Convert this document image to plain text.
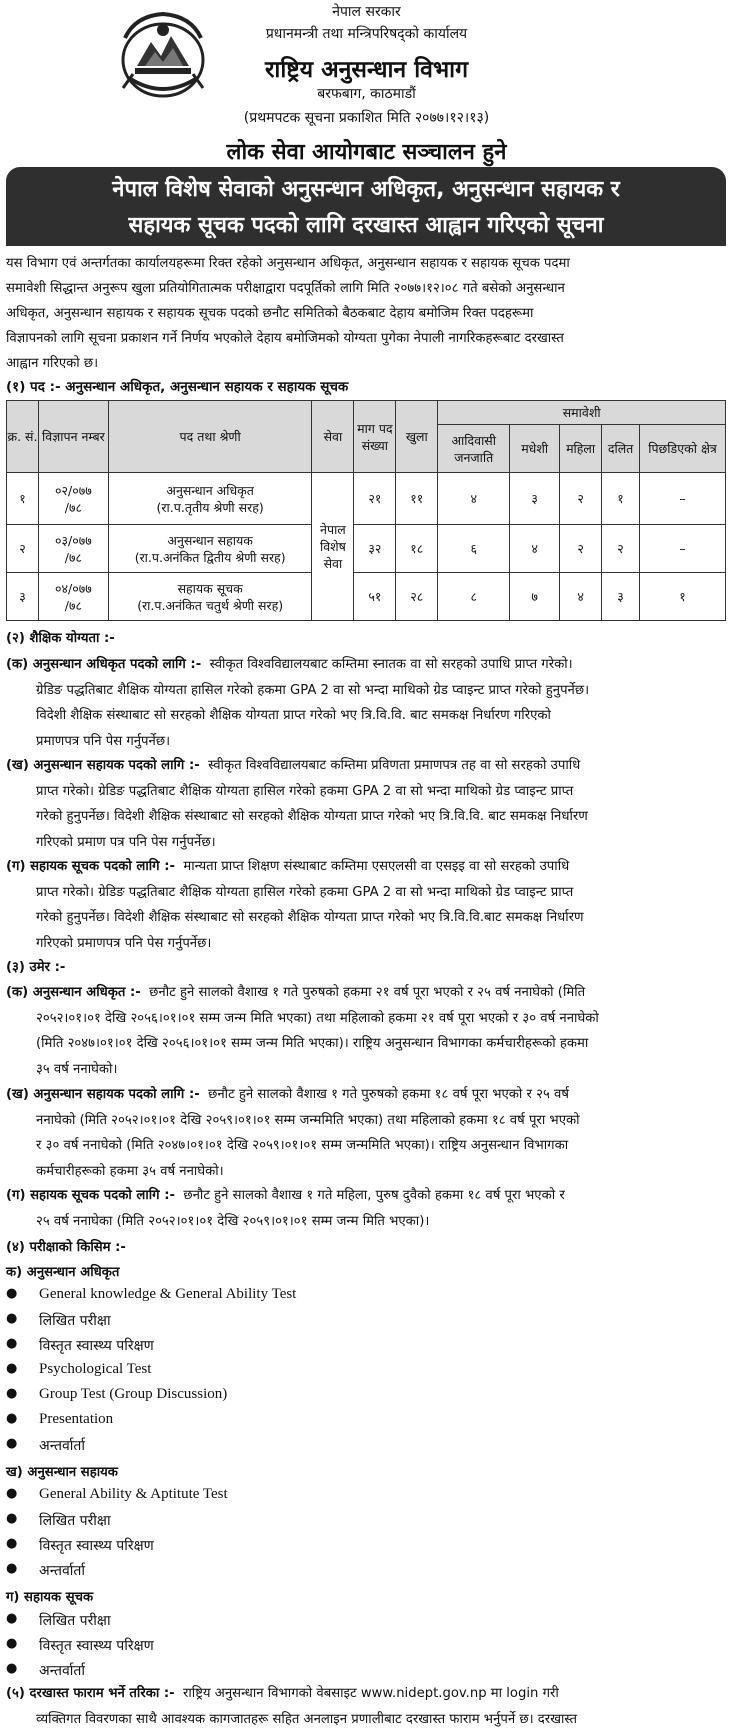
नेपाल सरकार
प्रधानमन्त्री तथा मन्त्रिपरिषद्को कार्यालय
राष्ट्रिय अनुसन्धान विभाग
बरफबाग, काठमाडौं
(प्रथमपटक सूचना प्रकाशित मिति २०७७।१२।१३)
लोक सेवा आयोगबाट सञ्चालन हुने
नेपाल विशेष सेवाको अनुसन्धान अधिकृत, अनुसन्धान सहायक र
सहायक सूचक पदको लागि दरखास्त आह्वान गरिएको सूचना
यस विभाग एवं अन्तर्गतका कार्यालयहरूमा रिक्त रहेको अनुसन्धान अधिकृत, अनुसन्धान सहायक र सहायक सूचक पदमा
समावेशी सिद्धान्त अनुरूप खुला प्रतियोगितात्मक परीक्षाद्वारा पदपूर्तिको लागि मिति २०७७।१२।०८ गते बसेको अनुसन्धान
अधिकृत, अनुसन्धान सहायक र सहायक सूचक पदको छनौट समितिको बैठकबाट देहाय बमोजिम रिक्त पदहरूमा
विज्ञापनको लागि सूचना प्रकाशन गर्ने निर्णय भएकोले देहाय बमोजिमको योग्यता पुगेका नेपाली नागरिकहरूबाट दरखास्त
आह्वान गरिएको छ।
(१) पद :- अनुसन्धान अधिकृत, अनुसन्धान सहायक र सहायक सूचक
क्र. सं.	विज्ञापन नम्बर	पद तथा श्रेणी	सेवा	माग पद संख्या	खुला	समावेशी				
						आदिवासी जनजाति	मधेशी	महिला	दलित	पिछडिएको क्षेत्र
१	०२/०७७
/७८	अनुसन्धान अधिकृत
(रा.प.तृतीय श्रेणी सरह)	नेपाल विशेष सेवा	२१	११	४	३	२	१	–
२	०३/०७७
/७८	अनुसन्धान सहायक
(रा.प.अनंकित द्वितीय श्रेणी सरह)		३२	१८	६	४	२	२	–
३	०४/०७७
/७८	सहायक सूचक
(रा.प.अनंकित चतुर्थ श्रेणी सरह)		५१	२८	८	७	४	३	१
(२) शैक्षिक योग्यता :-
(क) अनुसन्धान अधिकृत पदको लागि :- स्वीकृत विश्वविद्यालयबाट कम्तिमा स्नातक वा सो सरहको उपाधि प्राप्त गरेको।
ग्रेडिङ पद्धतिबाट शैक्षिक योग्यता हासिल गरेको हकमा GPA 2 वा सो भन्दा माथिको ग्रेड प्वाइन्ट प्राप्त गरेको हुनुपर्नेछ।
विदेशी शैक्षिक संस्थाबाट सो सरहको शैक्षिक योग्यता प्राप्त गरेको भए त्रि.वि.वि. बाट समकक्ष निर्धारण गरिएको
प्रमाणपत्र पनि पेस गर्नुपर्नेछ।
(ख) अनुसन्धान सहायक पदको लागि :- स्वीकृत विश्वविद्यालयबाट कम्तिमा प्रविणता प्रमाणपत्र तह वा सो सरहको उपाधि
प्राप्त गरेको। ग्रेडिङ पद्धतिबाट शैक्षिक योग्यता हासिल गरेको हकमा GPA 2 वा सो भन्दा माथिको ग्रेड प्वाइन्ट प्राप्त
गरेको हुनुपर्नेछ। विदेशी शैक्षिक संस्थाबाट सो सरहको शैक्षिक योग्यता प्राप्त गरेको भए त्रि.वि.वि. बाट समकक्ष निर्धारण
गरिएको प्रमाण पत्र पनि पेस गर्नुपर्नेछ।
(ग) सहायक सूचक पदको लागि :- मान्यता प्राप्त शिक्षण संस्थाबाट कम्तिमा एसएलसी वा एसइइ वा सो सरहको उपाधि
प्राप्त गरेको। ग्रेडिङ पद्धतिबाट शैक्षिक योग्यता हासिल गरेको हकमा GPA 2 वा सो भन्दा माथिको ग्रेड प्वाइन्ट प्राप्त
गरेको हुनुपर्नेछ। विदेशी शैक्षिक संस्थाबाट सो सरहको शैक्षिक योग्यता प्राप्त गरेको भए त्रि.वि.वि.बाट समकक्ष निर्धारण
गरिएको प्रमाणपत्र पनि पेस गर्नुपर्नेछ।
(३) उमेर :-
(क) अनुसन्धान अधिकृत :- छनौट हुने सालको वैशाख १ गते पुरुषको हकमा २१ वर्ष पूरा भएको र २५ वर्ष ननाघेको (मिति
२०५२।०१।०१ देखि २०५६।०१।०१ सम्म जन्म मिति भएका) तथा महिलाको हकमा २१ वर्ष पूरा भएको र ३० वर्ष ननाघेको
(मिति २०४७।०१।०१ देखि २०५६।०१।०१ सम्म जन्म मिति भएका)। राष्ट्रिय अनुसन्धान विभागका कर्मचारीहरूको हकमा
३५ वर्ष ननाघेको।
(ख) अनुसन्धान सहायक पदको लागि :- छनौट हुने सालको वैशाख १ गते पुरुषको हकमा १८ वर्ष पूरा भएको र २५ वर्ष
ननाघेको (मिति २०५२।०१।०१ देखि २०५९।०१।०१ सम्म जन्ममिति भएका) तथा महिलाको हकमा १८ वर्ष पूरा भएको
र ३० वर्ष ननाघेको (मिति २०४७।०१।०१ देखि २०५९।०१।०१ सम्म जन्ममिति भएका)। राष्ट्रिय अनुसन्धान विभागका
कर्मचारीहरूको हकमा ३५ वर्ष ननाघेको।
(ग) सहायक सूचक पदको लागि :- छनौट हुने सालको वैशाख १ गते महिला, पुरुष दुवैको हकमा १८ वर्ष पूरा भएको र
२५ वर्ष ननाघेका (मिति २०५२।०१।०१ देखि २०५९।०१।०१ सम्म जन्म मिति भएका)।
(४) परीक्षाको किसिम :-
क) अनुसन्धान अधिकृत
● General knowledge & General Ability Test
● लिखित परीक्षा
● विस्तृत स्वास्थ्य परिक्षण
● Psychological Test
● Group Test (Group Discussion)
● Presentation
● अन्तर्वार्ता
ख) अनुसन्धान सहायक
● General Ability & Aptitute Test
● लिखित परीक्षा
● विस्तृत स्वास्थ्य परिक्षण
● अन्तर्वार्ता
ग) सहायक सूचक
● लिखित परीक्षा
● विस्तृत स्वास्थ्य परिक्षण
● अन्तर्वार्ता
(५) दरखास्त फाराम भर्ने तरिका :- राष्ट्रिय अनुसन्धान विभागको वेबसाइट www.nidept.gov.np मा login गरी
व्यक्तिगत विवरणका साथै आवश्यक कागजातहरू सहित अनलाइन प्रणालीबाट दरखास्त फाराम भर्नुपर्ने छ। दरखास्त
